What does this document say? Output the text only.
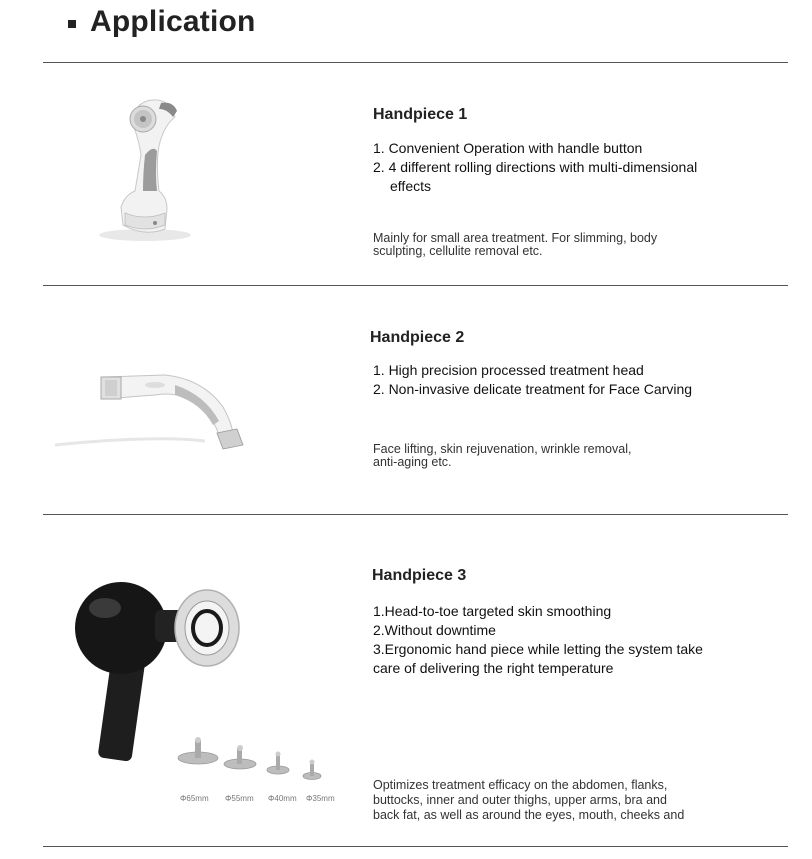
Application
Handpiece 1
1. Convenient Operation with handle button
2. 4 different rolling directions with multi-dimensional
effects
Mainly for small area treatment. For slimming, body
sculpting, cellulite removal etc.
Handpiece 2
1. High precision processed treatment head
2. Non-invasive delicate treatment for Face Carving
Face lifting, skin rejuvenation, wrinkle removal,
anti-aging etc.
Φ65mm Φ55mm Φ40mm Φ35mm
Handpiece 3
1.Head-to-toe targeted skin smoothing
2.Without downtime
3.Ergonomic hand piece while letting the system take
care of delivering the right temperature
Optimizes treatment efficacy on the abdomen, flanks,
buttocks, inner and outer thighs, upper arms, bra and
back fat, as well as around the eyes, mouth, cheeks and
